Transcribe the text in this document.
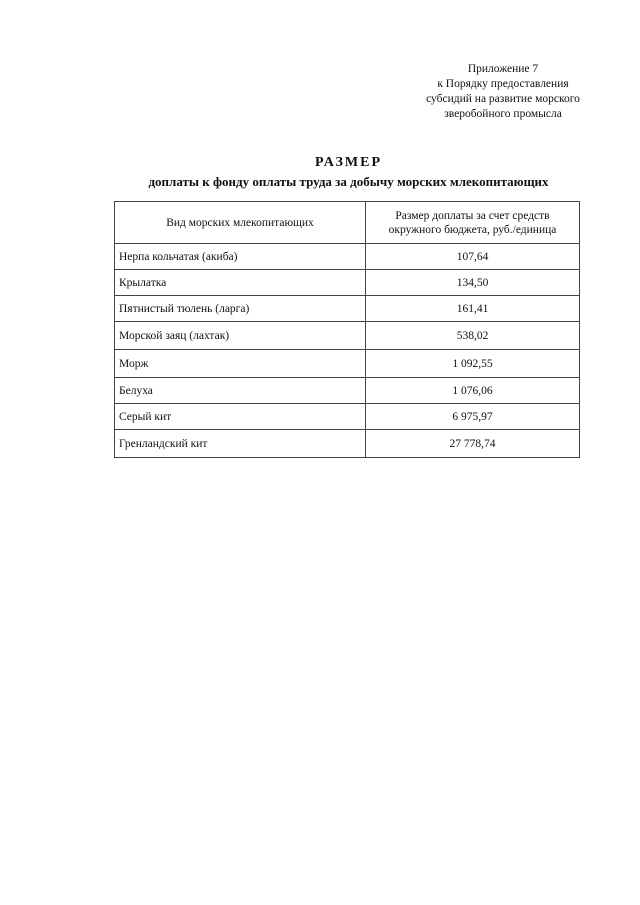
Приложение 7
к Порядку предоставления
субсидий на развитие морского
зверобойного промысла
РАЗМЕР
доплаты к фонду оплаты труда за добычу морских млекопитающих
Вид морских млекопитающих	Размер доплаты за счет средств окружного бюджета, руб./единица
Нерпа кольчатая (акиба)	107,64
Крылатка	134,50
Пятнистый тюлень (ларга)	161,41
Морской заяц (лахтак)	538,02
Морж	1 092,55
Белуха	1 076,06
Серый кит	6 975,97
Гренландский кит	27 778,74
